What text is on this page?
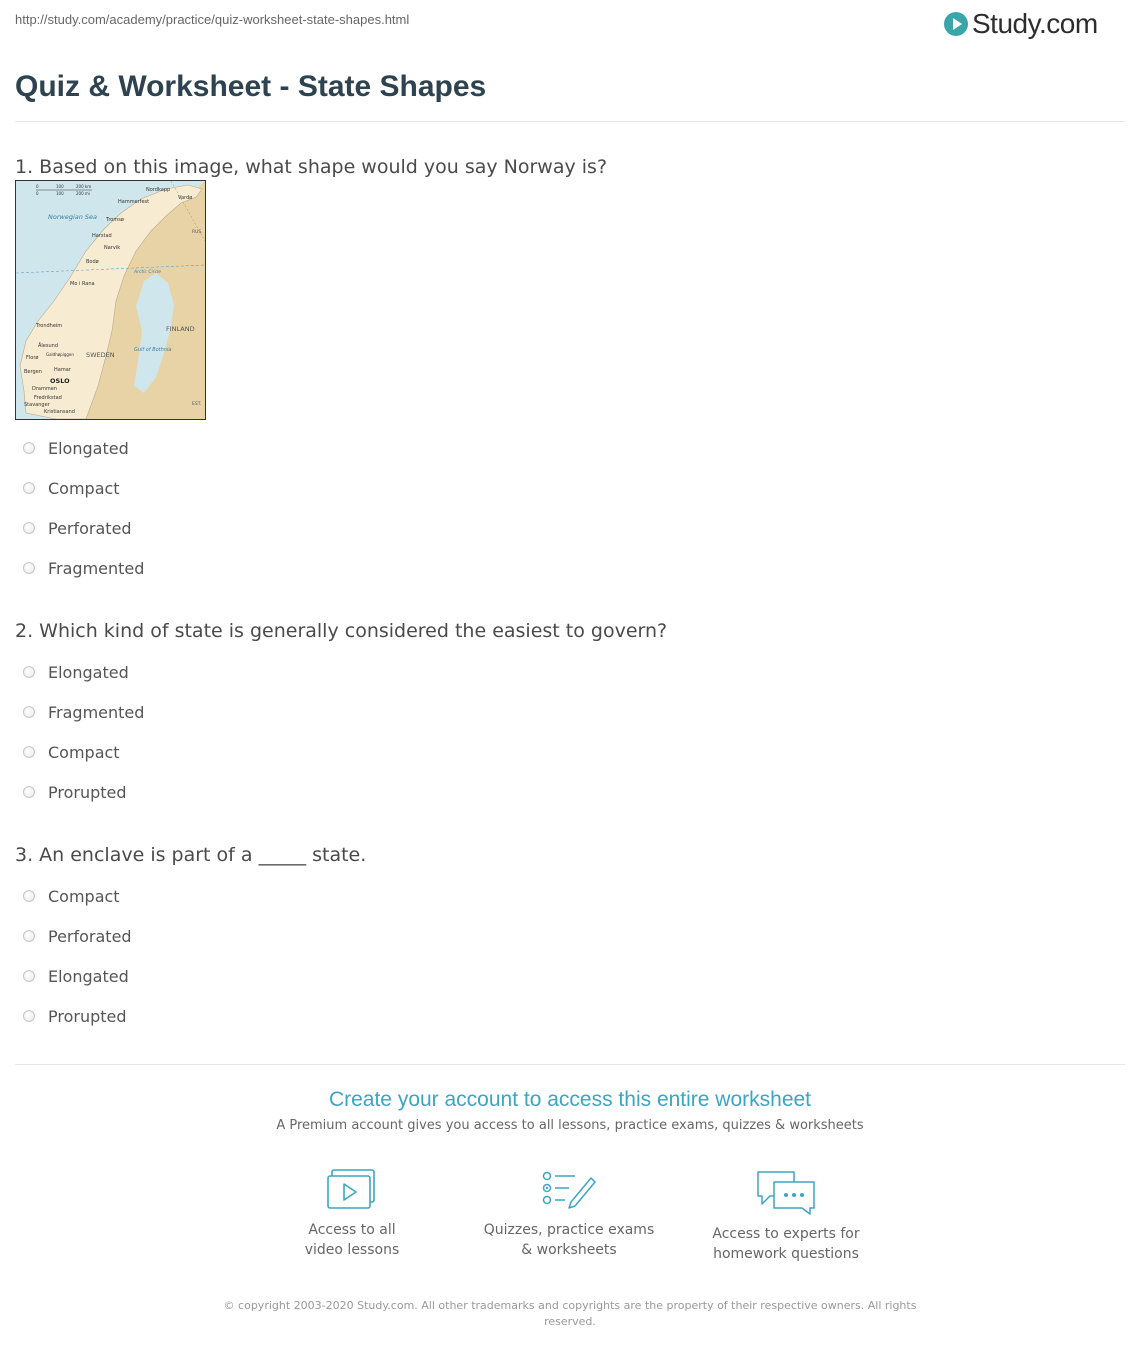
http://study.com/academy/practice/quiz-worksheet-state-shapes.html	Study.com
Quiz & Worksheet - State Shapes
1. Based on this image, what shape would you say Norway is?
Norwegian Sea
Arctic Circle
SWEDEN
FINLAND
Gulf of Bothnia
OSLO
RUS.
EST.
Nordkapp
Hammerfest
Vardø
Tromsø
Harstad
Narvik
Bodø
Mo i Rana
Trondheim
Ålesund
Galdhøpiggen
Florø
Bergen Hamar
Drammen
Fredrikstad
Stavanger
Kristiansand
0	100	200 km
0	100	200 mi
Elongated
Compact
Perforated
Fragmented
2. Which kind of state is generally considered the easiest to govern?
Elongated
Fragmented
Compact
Prorupted
3. An enclave is part of a _____ state.
Compact
Perforated
Elongated
Prorupted
Create your account to access this entire worksheet
A Premium account gives you access to all lessons, practice exams, quizzes & worksheets
Access to all
video lessons
Quizzes, practice exams
& worksheets
Access to experts for
homework questions
© copyright 2003-2020 Study.com. All other trademarks and copyrights are the property of their respective owners. All rights reserved.
